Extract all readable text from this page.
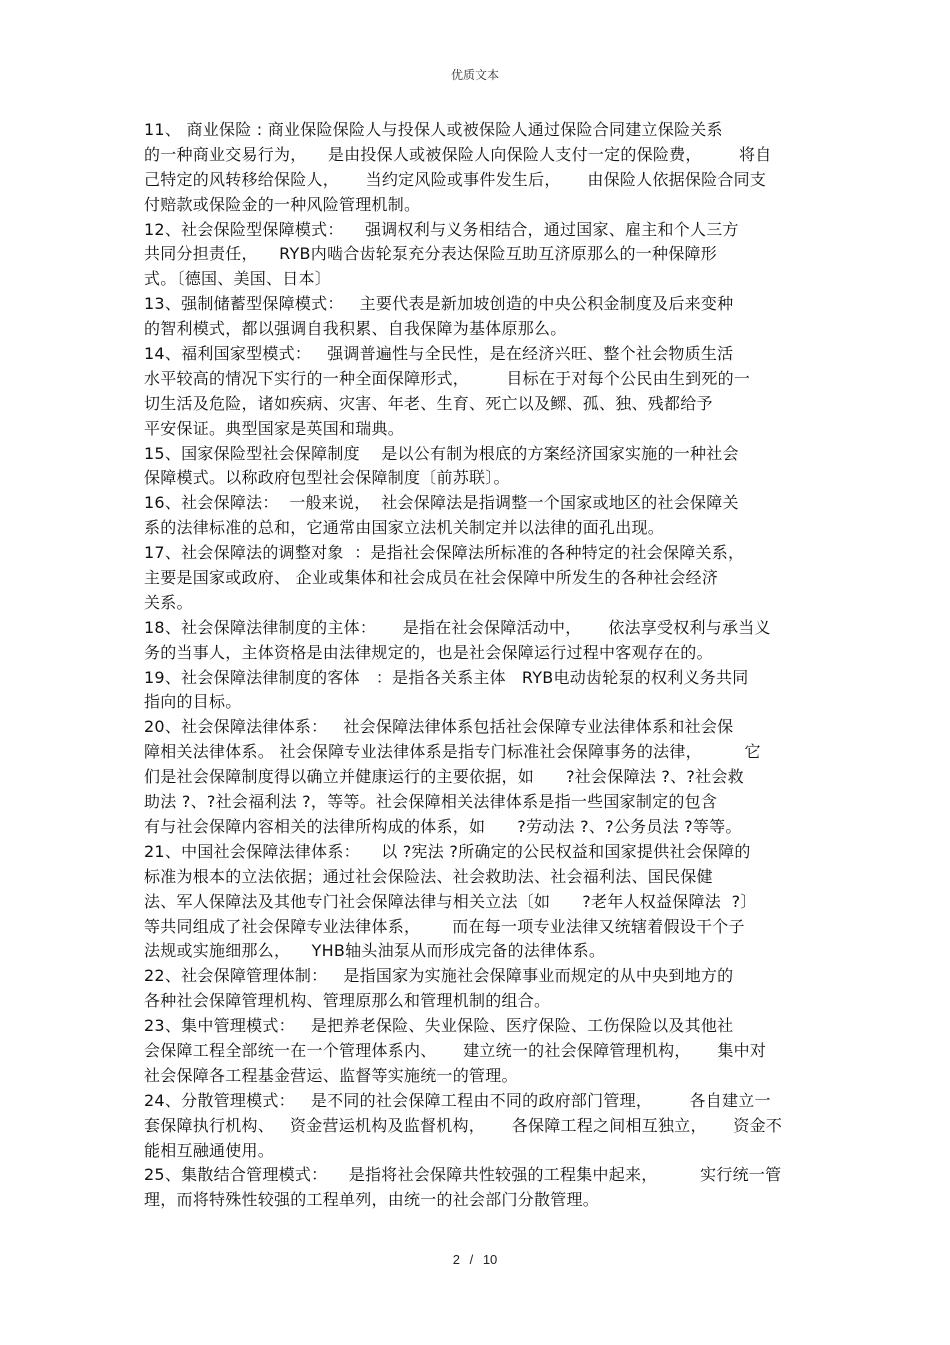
优质文本
11、 商业保险 : 商业保险保险人与投保人或被保险人通过保险合同建立保险关系
的一种商业交易行为，    是由投保人或被保险人向保险人支付一定的保险费，       将自
己特定的风转移给保险人，     当约定风险或事件发生后，     由保险人依据保险合同支
付赔款或保险金的一种风险管理机制。
12、社会保险型保障模式：    强调权利与义务相结合，通过国家、雇主和个人三方
共同分担责任，    RYB内啮合齿轮泵充分表达保险互助互济原那么的一种保障形
式。〔德国、美国、日本〕
13、强制储蓄型保障模式：   主要代表是新加坡创造的中央公积金制度及后来变种
的智利模式，都以强调自我积累、自我保障为基体原那么。
14、福利国家型模式：   强调普遍性与全民性，是在经济兴旺、整个社会物质生活
水平较高的情况下实行的一种全面保障形式，       目标在于对每个公民由生到死的一
切生活及危险，诸如疾病、灾害、年老、生育、死亡以及鳏、孤、独、残都给予
平安保证。典型国家是英国和瑞典。
15、国家保险型社会保障制度    是以公有制为根底的方案经济国家实施的一种社会
保障模式。以称政府包型社会保障制度〔前苏联〕。
16、社会保障法：  一般来说，  社会保障法是指调整一个国家或地区的社会保障关
系的法律标准的总和，它通常由国家立法机关制定并以法律的面孔出现。
17、社会保障法的调整对象  ：是指社会保障法所标准的各种特定的社会保障关系，
主要是国家或政府、 企业或集体和社会成员在社会保障中所发生的各种社会经济
关系。
18、社会保障法律制度的主体：     是指在社会保障活动中，     依法享受权利与承当义
务的当事人，主体资格是由法律规定的，也是社会保障运行过程中客观存在的。
19、社会保障法律制度的客体   ：是指各关系主体   RYB电动齿轮泵的权利义务共同
指向的目标。
20、社会保障法律体系：   社会保障法律体系包括社会保障专业法律体系和社会保
障相关法律体系。 社会保障专业法律体系是指专门标准社会保障事务的法律，        它
们是社会保障制度得以确立并健康运行的主要依据，如      ?社会保障法 ?、?社会救
助法 ?、?社会福利法 ?，等等。社会保障相关法律体系是指一些国家制定的包含
有与社会保障内容相关的法律所构成的体系，如      ?劳动法 ?、?公务员法 ?等等。
21、中国社会保障法律体系：    以 ?宪法 ?所确定的公民权益和国家提供社会保障的
标准为根本的立法依据；通过社会保险法、社会救助法、社会福利法、国民保健
法、军人保障法及其他专门社会保障法律与相关立法〔如      ?老年人权益保障法  ?〕
等共同组成了社会保障专业法律体系，      而在每一项专业法律又统辖着假设干个子
法规或实施细那么，    YHB轴头油泵从而形成完备的法律体系。
22、社会保障管理体制：   是指国家为实施社会保障事业而规定的从中央到地方的
各种社会保障管理机构、管理原那么和管理机制的组合。
23、集中管理模式：   是把养老保险、失业保险、医疗保险、工伤保险以及其他社
会保障工程全部统一在一个管理体系内、     建立统一的社会保障管理机构，     集中对
社会保障各工程基金营运、监督等实施统一的管理。
24、分散管理模式：   是不同的社会保障工程由不同的政府部门管理，       各自建立一
套保障执行机构、   资金营运机构及监督机构，     各保障工程之间相互独立，     资金不
能相互融通使用。
25、集散结合管理模式：    是指将社会保障共性较强的工程集中起来，        实行统一管
理，而将特殊性较强的工程单列，由统一的社会部门分散管理。
2 / 10
